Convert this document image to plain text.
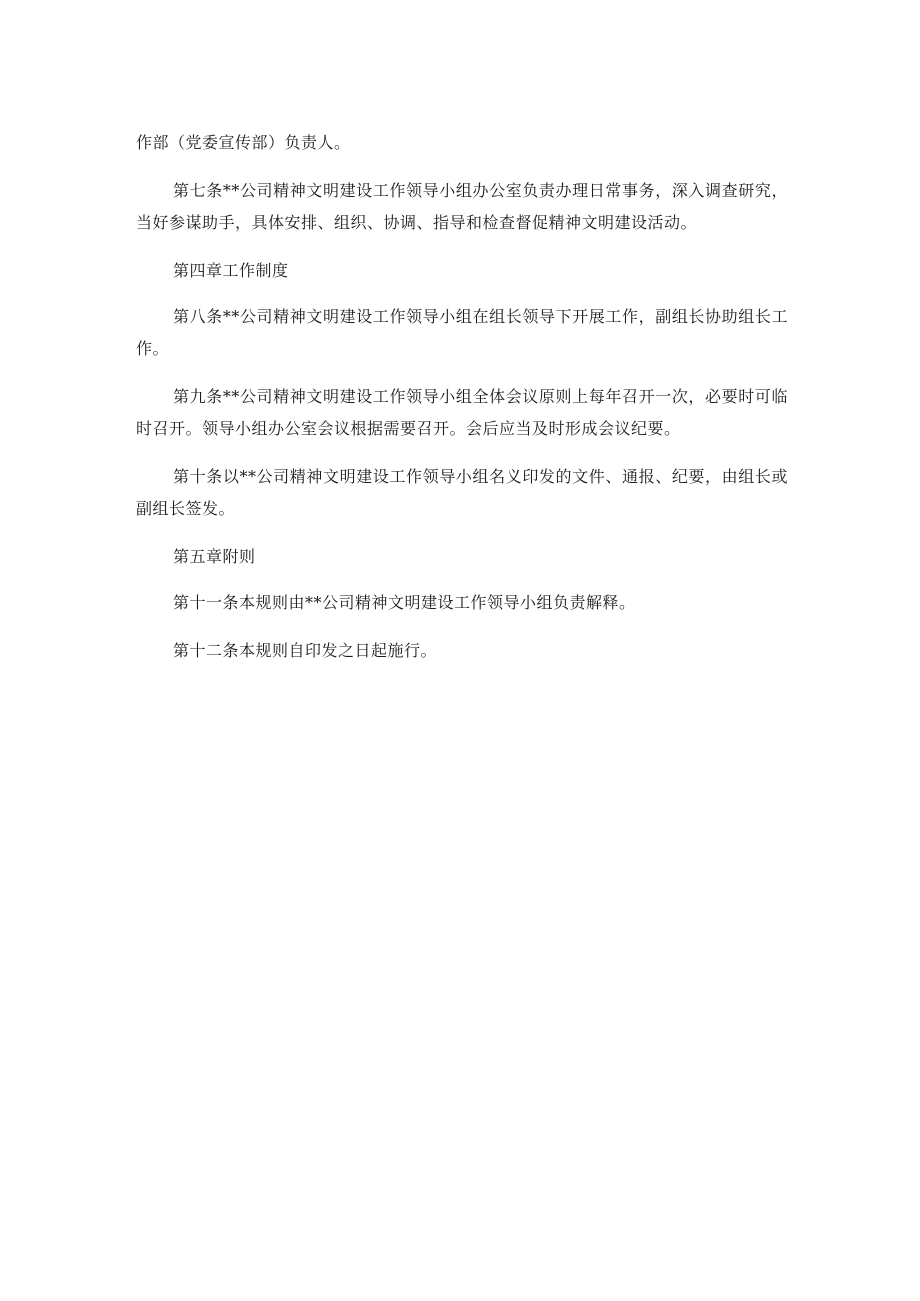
作部（党委宣传部）负责人。

第七条**公司精神文明建设工作领导小组办公室负责办理日常事务，深入调查研究，当好参谋助手，具体安排、组织、协调、指导和检查督促精神文明建设活动。

第四章工作制度

第八条**公司精神文明建设工作领导小组在组长领导下开展工作，副组长协助组长工作。

第九条**公司精神文明建设工作领导小组全体会议原则上每年召开一次，必要时可临时召开。领导小组办公室会议根据需要召开。会后应当及时形成会议纪要。

第十条以**公司精神文明建设工作领导小组名义印发的文件、通报、纪要，由组长或副组长签发。

第五章附则

第十一条本规则由**公司精神文明建设工作领导小组负责解释。

第十二条本规则自印发之日起施行。
